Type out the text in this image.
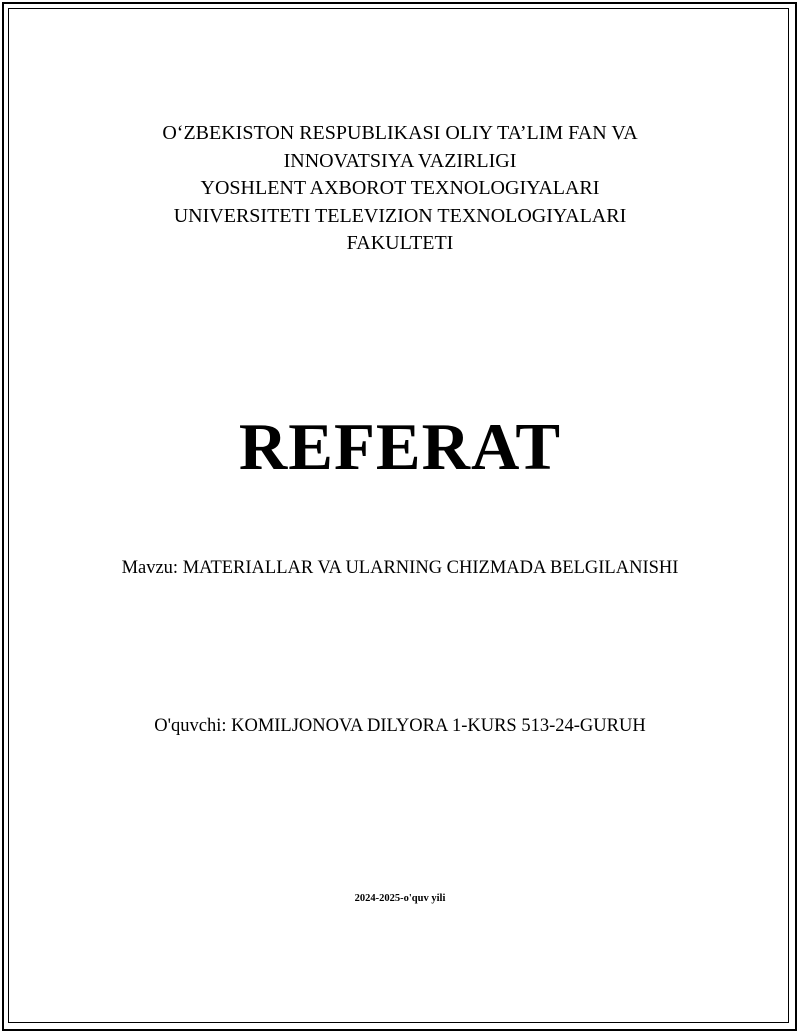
O‘ZBEKISTON RESPUBLIKASI OLIY TA’LIM FAN VA
INNOVATSIYA VAZIRLIGI
YOSHLENT AXBOROT TEXNOLOGIYALARI
UNIVERSITETI TELEVIZION TEXNOLOGIYALARI
FAKULTETI
REFERAT
Mavzu: MATERIALLAR VA ULARNING CHIZMADA BELGILANISHI
O'quvchi: KOMILJONOVA DILYORA 1-KURS 513-24-GURUH
2024-2025-o'quv yili
